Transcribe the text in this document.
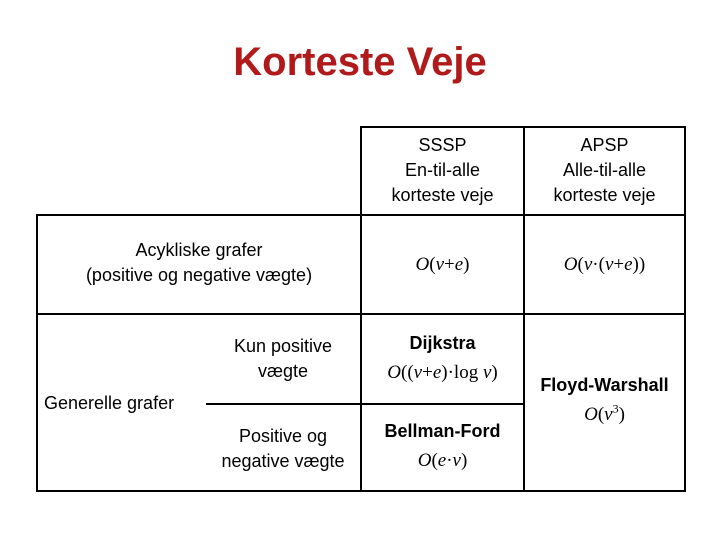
Korteste Veje
SSSP
En-til-alle
korteste veje
APSP
Alle-til-alle
korteste veje
Acykliske grafer
(positive og negative vægte)	O(v+e)	O(v·(v+e))
Generelle grafer
Kun positive
vægte
Positive og
negative vægte
Dijkstra
O((v+e)·log v)
Bellman-Ford
O(e·v)
Floyd-Warshall
$O(v^3)$
